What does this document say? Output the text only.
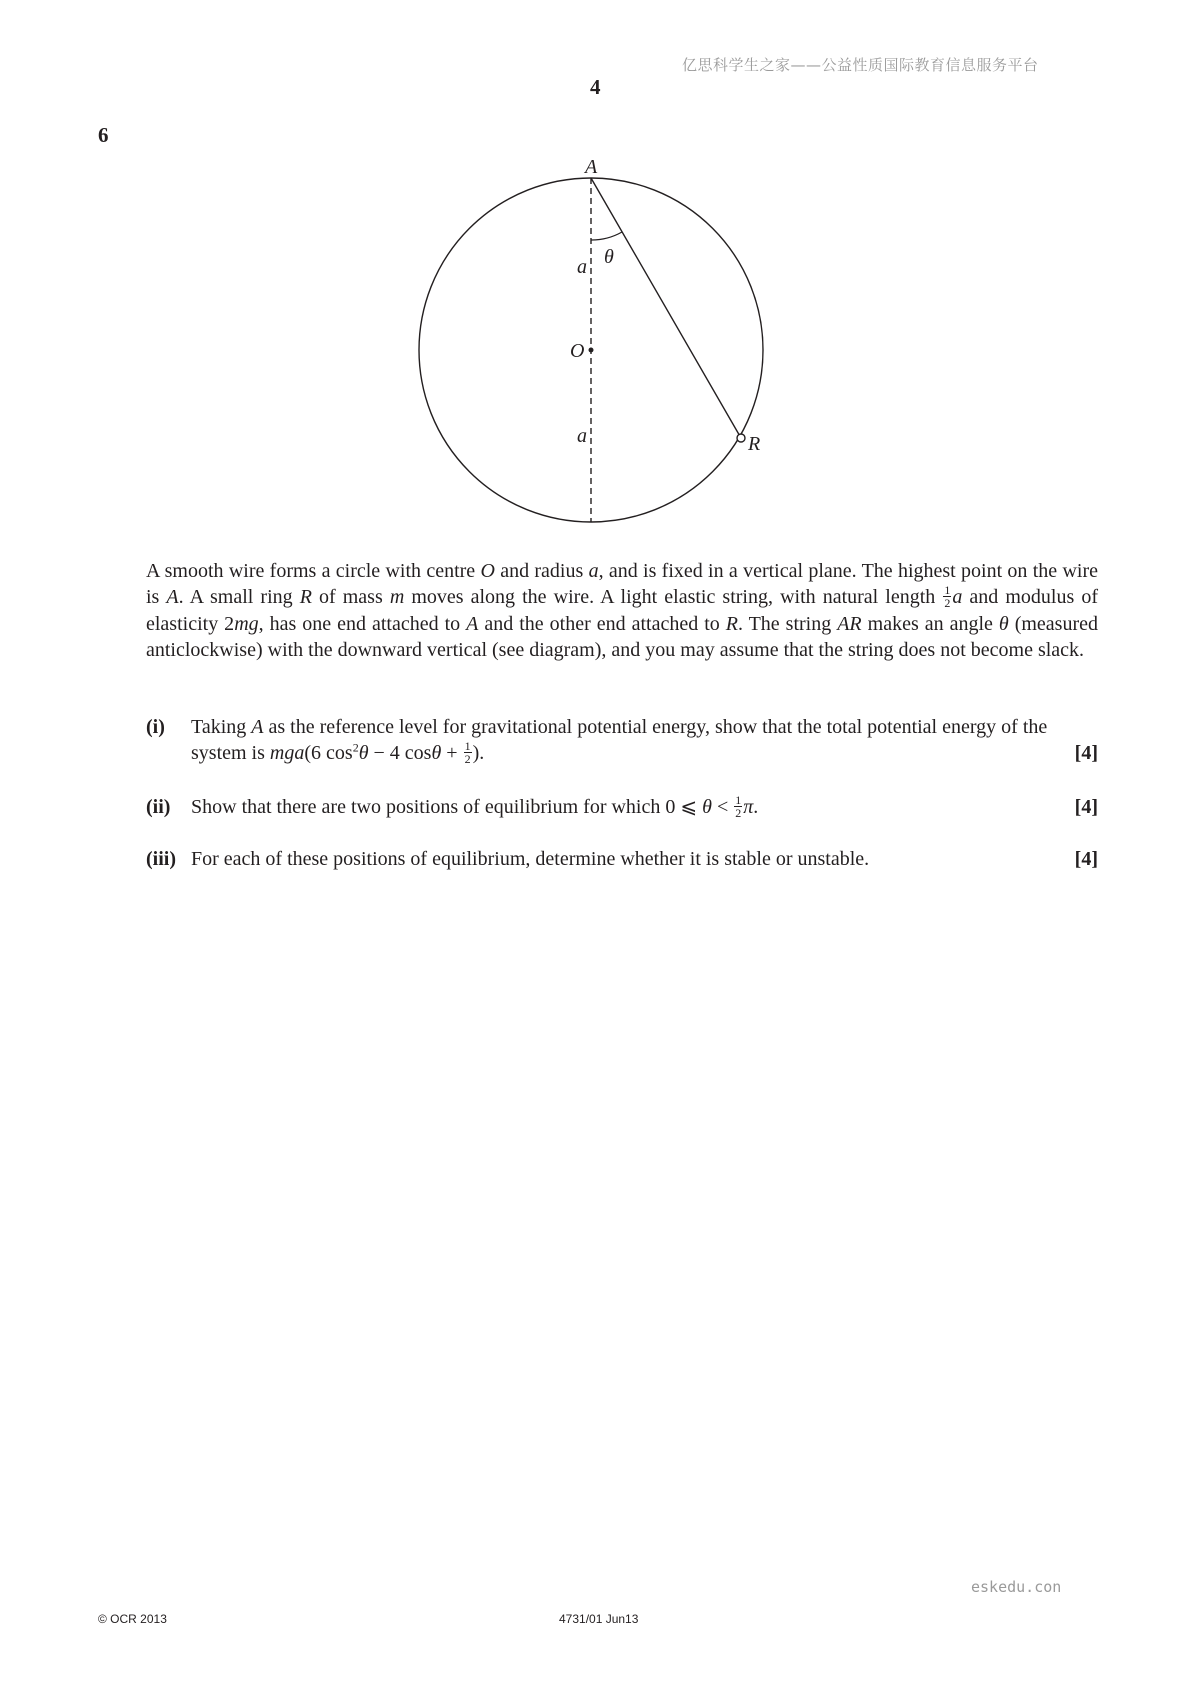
亿思科学生之家——公益性质国际教育信息服务平台
4
6
A
θ
a
O
a	R

A smooth wire forms a circle with centre O and radius a, and is fixed in a vertical plane. The highest point on the wire is A. A small ring R of mass m moves along the wire. A light elastic string, with natural length $\frac{1}{2}$ a and modulus of elasticity 2mg, has one end attached to A and the other end attached to R. The string AR makes an angle θ (measured anticlockwise) with the downward vertical (see diagram), and you may assume that the string does not become slack.

(i) Taking A as the reference level for gravitational potential energy, show that the total potential energy of the system is mga(6 $\cos^2\theta - 4$ $\cos\theta + \frac{1}{2}$ ).	[4]
(ii) Show that there are two positions of equilibrium for which 0 ⩽ $\theta < \frac{1}{2} \pi$.	[4]
(iii) For each of these positions of equilibrium, determine whether it is stable or unstable.	[4]
eskedu.con
© OCR 2013	4731/01 Jun13
